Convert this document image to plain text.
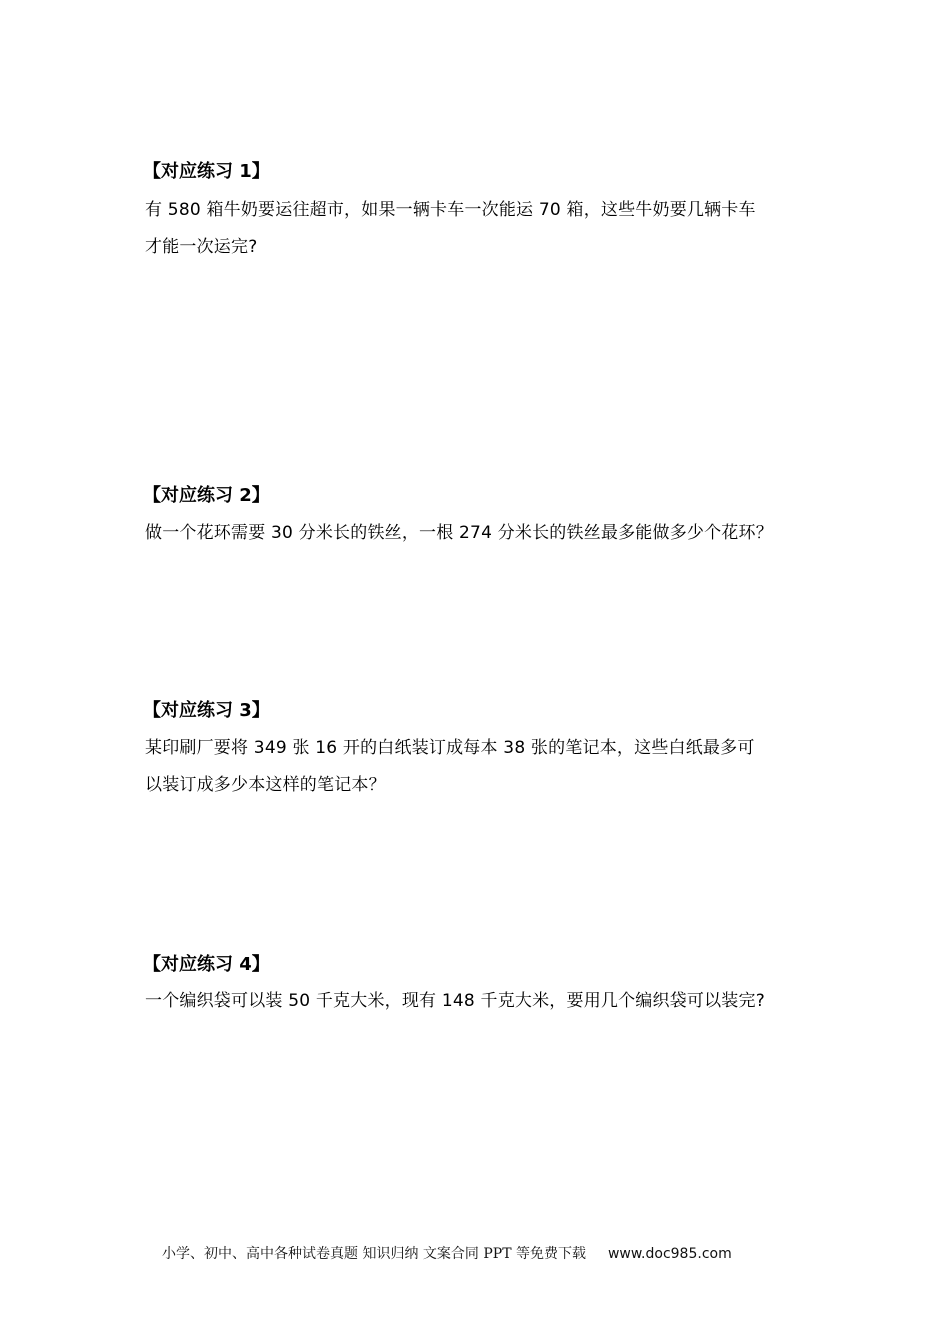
【对应练习 1】
有 580 箱牛奶要运往超市，如果一辆卡车一次能运 70 箱，这些牛奶要几辆卡车
才能一次运完?
【对应练习 2】
做一个花环需要 30 分米长的铁丝，一根 274 分米长的铁丝最多能做多少个花环？
【对应练习 3】
某印刷厂要将 349 张 16 开的白纸装订成每本 38 张的笔记本，这些白纸最多可
以装订成多少本这样的笔记本？
【对应练习 4】
一个编织袋可以装 50 千克大米，现有 148 千克大米，要用几个编织袋可以装完?
小学、初中、高中各种试卷真题 知识归纳 文案合同 PPT 等免费下载 www.doc985.com
